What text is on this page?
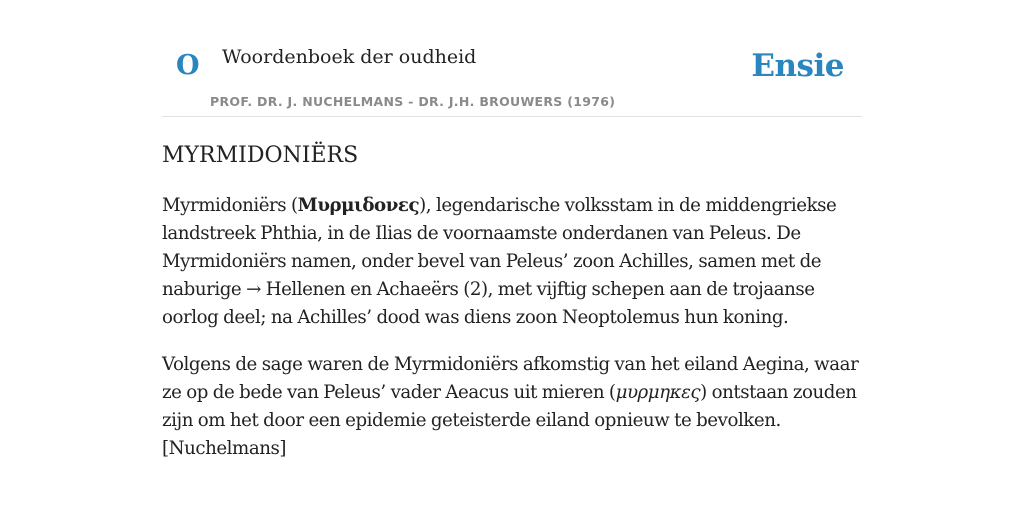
O Woordenboek der oudheid	Ensie
PROF. DR. J. NUCHELMANS - DR. J.H. BROUWERS (1976)
MYRMIDONIËRS

Myrmidoniërs (Μυρμιδονες), legendarische volksstam in de middengriekse landstreek Phthia, in de Ilias de voornaamste onderdanen van Peleus. De Myrmidoniërs namen, onder bevel van Peleus’ zoon Achilles, samen met de naburige → Hellenen en Achaeërs (2), met vijftig schepen aan de trojaanse oorlog deel; na Achilles’ dood was diens zoon Neoptolemus hun koning.

Volgens de sage waren de Myrmidoniërs afkomstig van het eiland Aegina, waar ze op de bede van Peleus’ vader Aeacus uit mieren (μυρμηκες) ontstaan zouden zijn om het door een epidemie geteisterde eiland opnieuw te bevolken. [Nuchelmans]
